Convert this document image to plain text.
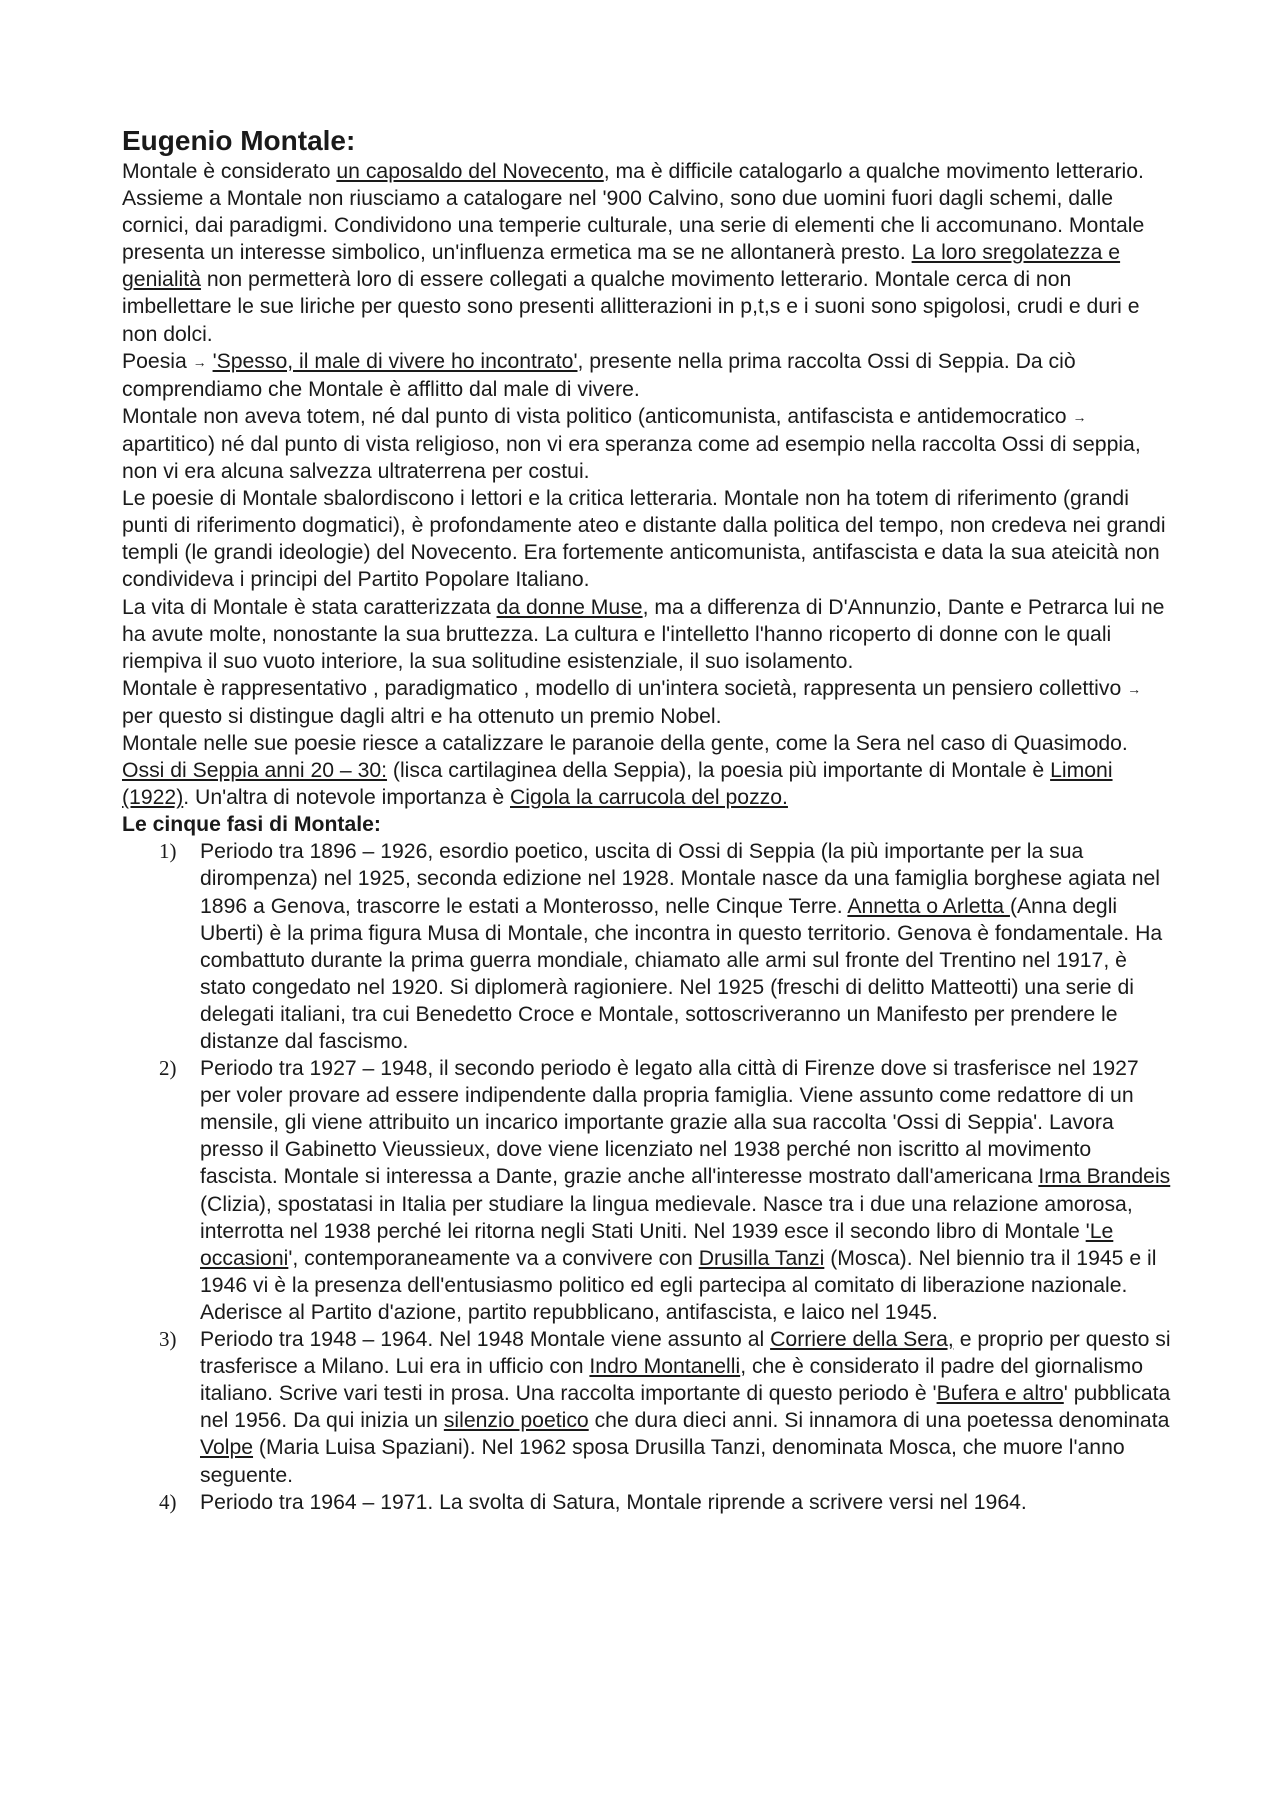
Eugenio Montale:

Montale è considerato un caposaldo del Novecento, ma è difficile catalogarlo a qualche movimento letterario. Assieme a Montale non riusciamo a catalogare nel '900 Calvino, sono due uomini fuori dagli schemi, dalle cornici, dai paradigmi. Condividono una temperie culturale, una serie di elementi che li accomunano. Montale presenta un interesse simbolico, un'influenza ermetica ma se ne allontanerà presto. La loro sregolatezza e genialità non permetterà loro di essere collegati a qualche movimento letterario. Montale cerca di non imbellettare le sue liriche per questo sono presenti allitterazioni in p,t,s e i suoni sono spigolosi, crudi e duri e non dolci.

Poesia → 'Spesso, il male di vivere ho incontrato', presente nella prima raccolta Ossi di Seppia. Da ciò comprendiamo che Montale è afflitto dal male di vivere.

Montale non aveva totem, né dal punto di vista politico (anticomunista, antifascista e antidemocratico → apartitico) né dal punto di vista religioso, non vi era speranza come ad esempio nella raccolta Ossi di seppia, non vi era alcuna salvezza ultraterrena per costui.

Le poesie di Montale sbalordiscono i lettori e la critica letteraria. Montale non ha totem di riferimento (grandi punti di riferimento dogmatici), è profondamente ateo e distante dalla politica del tempo, non credeva nei grandi templi (le grandi ideologie) del Novecento. Era fortemente anticomunista, antifascista e data la sua ateicità non condivideva i principi del Partito Popolare Italiano.

La vita di Montale è stata caratterizzata da donne Muse, ma a differenza di D'Annunzio, Dante e Petrarca lui ne ha avute molte, nonostante la sua bruttezza. La cultura e l'intelletto l'hanno ricoperto di donne con le quali riempiva il suo vuoto interiore, la sua solitudine esistenziale, il suo isolamento.

Montale è rappresentativo , paradigmatico , modello di un'intera società, rappresenta un pensiero collettivo → per questo si distingue dagli altri e ha ottenuto un premio Nobel.

Montale nelle sue poesie riesce a catalizzare le paranoie della gente, come la Sera nel caso di Quasimodo.

Ossi di Seppia anni 20 – 30: (lisca cartilaginea della Seppia), la poesia più importante di Montale è Limoni (1922). Un'altra di notevole importanza è Cigola la carrucola del pozzo.

Le cinque fasi di Montale:

1) Periodo tra 1896 – 1926, esordio poetico, uscita di Ossi di Seppia (la più importante per la sua dirompenza) nel 1925, seconda edizione nel 1928. Montale nasce da una famiglia borghese agiata nel 1896 a Genova, trascorre le estati a Monterosso, nelle Cinque Terre. Annetta o Arletta (Anna degli Uberti) è la prima figura Musa di Montale, che incontra in questo territorio. Genova è fondamentale. Ha combattuto durante la prima guerra mondiale, chiamato alle armi sul fronte del Trentino nel 1917, è stato congedato nel 1920. Si diplomerà ragioniere. Nel 1925 (freschi di delitto Matteotti) una serie di delegati italiani, tra cui Benedetto Croce e Montale, sottoscriveranno un Manifesto per prendere le distanze dal fascismo.
2) Periodo tra 1927 – 1948, il secondo periodo è legato alla città di Firenze dove si trasferisce nel 1927 per voler provare ad essere indipendente dalla propria famiglia. Viene assunto come redattore di un mensile, gli viene attribuito un incarico importante grazie alla sua raccolta 'Ossi di Seppia'. Lavora presso il Gabinetto Vieussieux, dove viene licenziato nel 1938 perché non iscritto al movimento fascista. Montale si interessa a Dante, grazie anche all'interesse mostrato dall'americana Irma Brandeis (Clizia), spostatasi in Italia per studiare la lingua medievale. Nasce tra i due una relazione amorosa, interrotta nel 1938 perché lei ritorna negli Stati Uniti. Nel 1939 esce il secondo libro di Montale 'Le occasioni', contemporaneamente va a convivere con Drusilla Tanzi (Mosca). Nel biennio tra il 1945 e il 1946 vi è la presenza dell'entusiasmo politico ed egli partecipa al comitato di liberazione nazionale. Aderisce al Partito d'azione, partito repubblicano, antifascista, e laico nel 1945.
3) Periodo tra 1948 – 1964. Nel 1948 Montale viene assunto al Corriere della Sera, e proprio per questo si trasferisce a Milano. Lui era in ufficio con Indro Montanelli, che è considerato il padre del giornalismo italiano. Scrive vari testi in prosa. Una raccolta importante di questo periodo è 'Bufera e altro' pubblicata nel 1956. Da qui inizia un silenzio poetico che dura dieci anni. Si innamora di una poetessa denominata Volpe (Maria Luisa Spaziani). Nel 1962 sposa Drusilla Tanzi, denominata Mosca, che muore l'anno seguente.
4) Periodo tra 1964 – 1971. La svolta di Satura, Montale riprende a scrivere versi nel 1964.
